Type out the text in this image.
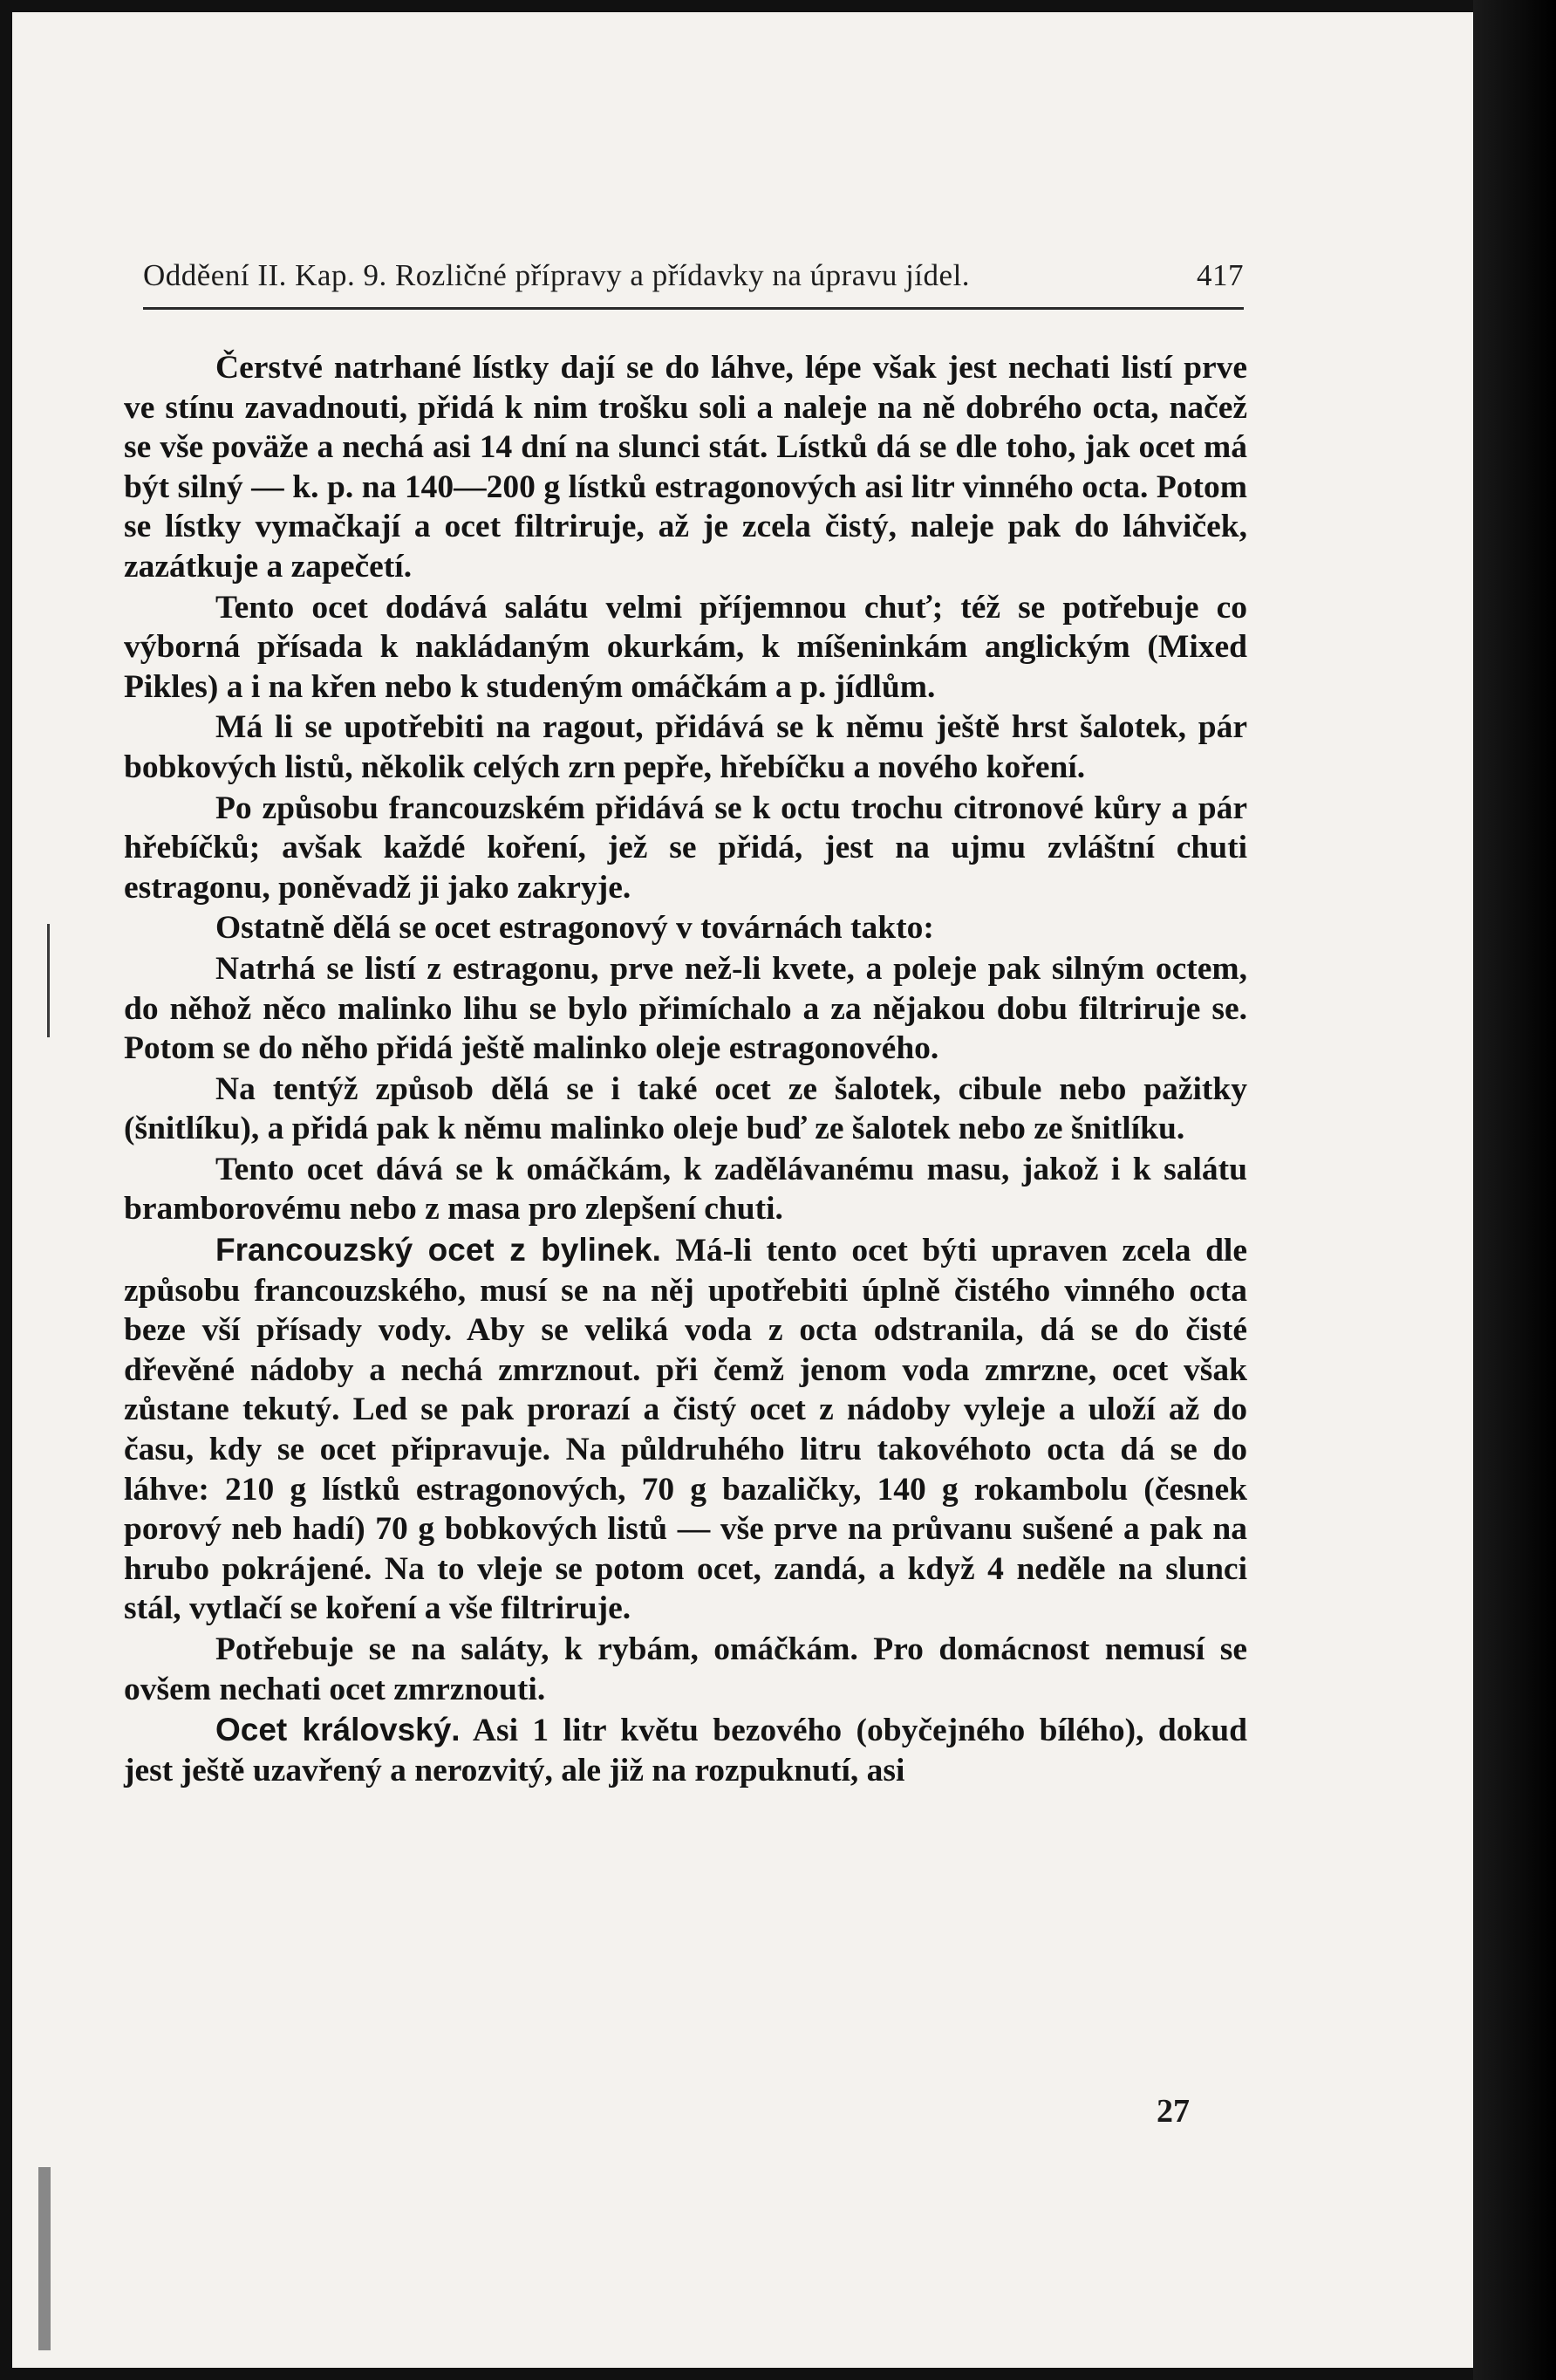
Odděení II. Kap. 9. Rozličné přípravy a přídavky na úpravu jídel.	417

Čerstvé natrhané lístky dají se do láhve, lépe však jest nechati listí prve ve stínu zavadnouti, přidá k nim trošku soli a naleje na ně dobrého octa, načež se vše poväže a nechá asi 14 dní na slunci stát. Lístků dá se dle toho, jak ocet má být silný — k. p. na 140—200 g lístků estragonových asi litr vinného octa. Potom se lístky vymačkají a ocet filtriruje, až je zcela čistý, naleje pak do láhviček, zazátkuje a zapečetí.

Tento ocet dodává salátu velmi příjemnou chuť; též se potřebuje co výborná přísada k nakládaným okurkám, k míšeninkám anglickým (Mixed Pikles) a i na křen nebo k studeným omáčkám a p. jídlům.

Má li se upotřebiti na ragout, přidává se k němu ještě hrst šalotek, pár bobkových listů, několik celých zrn pepře, hřebíčku a nového koření.

Po způsobu francouzském přidává se k octu trochu citronové kůry a pár hřebíčků; avšak každé koření, jež se přidá, jest na ujmu zvláštní chuti estragonu, poněvadž ji jako zakryje.

Ostatně dělá se ocet estragonový v továrnách takto:

Natrhá se listí z estragonu, prve než-li kvete, a poleje pak silným octem, do něhož něco malinko lihu se bylo přimíchalo a za nějakou dobu filtriruje se. Potom se do něho přidá ještě malinko oleje estragonového.

Na tentýž způsob dělá se i také ocet ze šalotek, cibule nebo pažitky (šnitlíku), a přidá pak k němu malinko oleje buď ze šalotek nebo ze šnitlíku.

Tento ocet dává se k omáčkám, k zadělávanému masu, jakož i k salátu bramborovému nebo z masa pro zlepšení chuti.

Francouzský ocet z bylinek. Má-li tento ocet býti upraven zcela dle způsobu francouzského, musí se na něj upotřebiti úplně čistého vinného octa beze vší přísady vody. Aby se veliká voda z octa odstranila, dá se do čisté dřevěné nádoby a nechá zmrznout. při čemž jenom voda zmrzne, ocet však zůstane tekutý. Led se pak prorazí a čistý ocet z nádoby vyleje a uloží až do času, kdy se ocet připravuje. Na půldruhého litru takovéhoto octa dá se do láhve: 210 g lístků estragonových, 70 g bazaličky, 140 g rokambolu (česnek porový neb hadí) 70 g bobkových listů — vše prve na průvanu sušené a pak na hrubo pokrájené. Na to vleje se potom ocet, zandá, a když 4 neděle na slunci stál, vytlačí se koření a vše filtriruje.

Potřebuje se na saláty, k rybám, omáčkám. Pro domácnost nemusí se ovšem nechati ocet zmrznouti.

Ocet královský. Asi 1 litr květu bezového (obyčejného bílého), dokud jest ještě uzavřený a nerozvitý, ale již na rozpuknutí, asi

27
